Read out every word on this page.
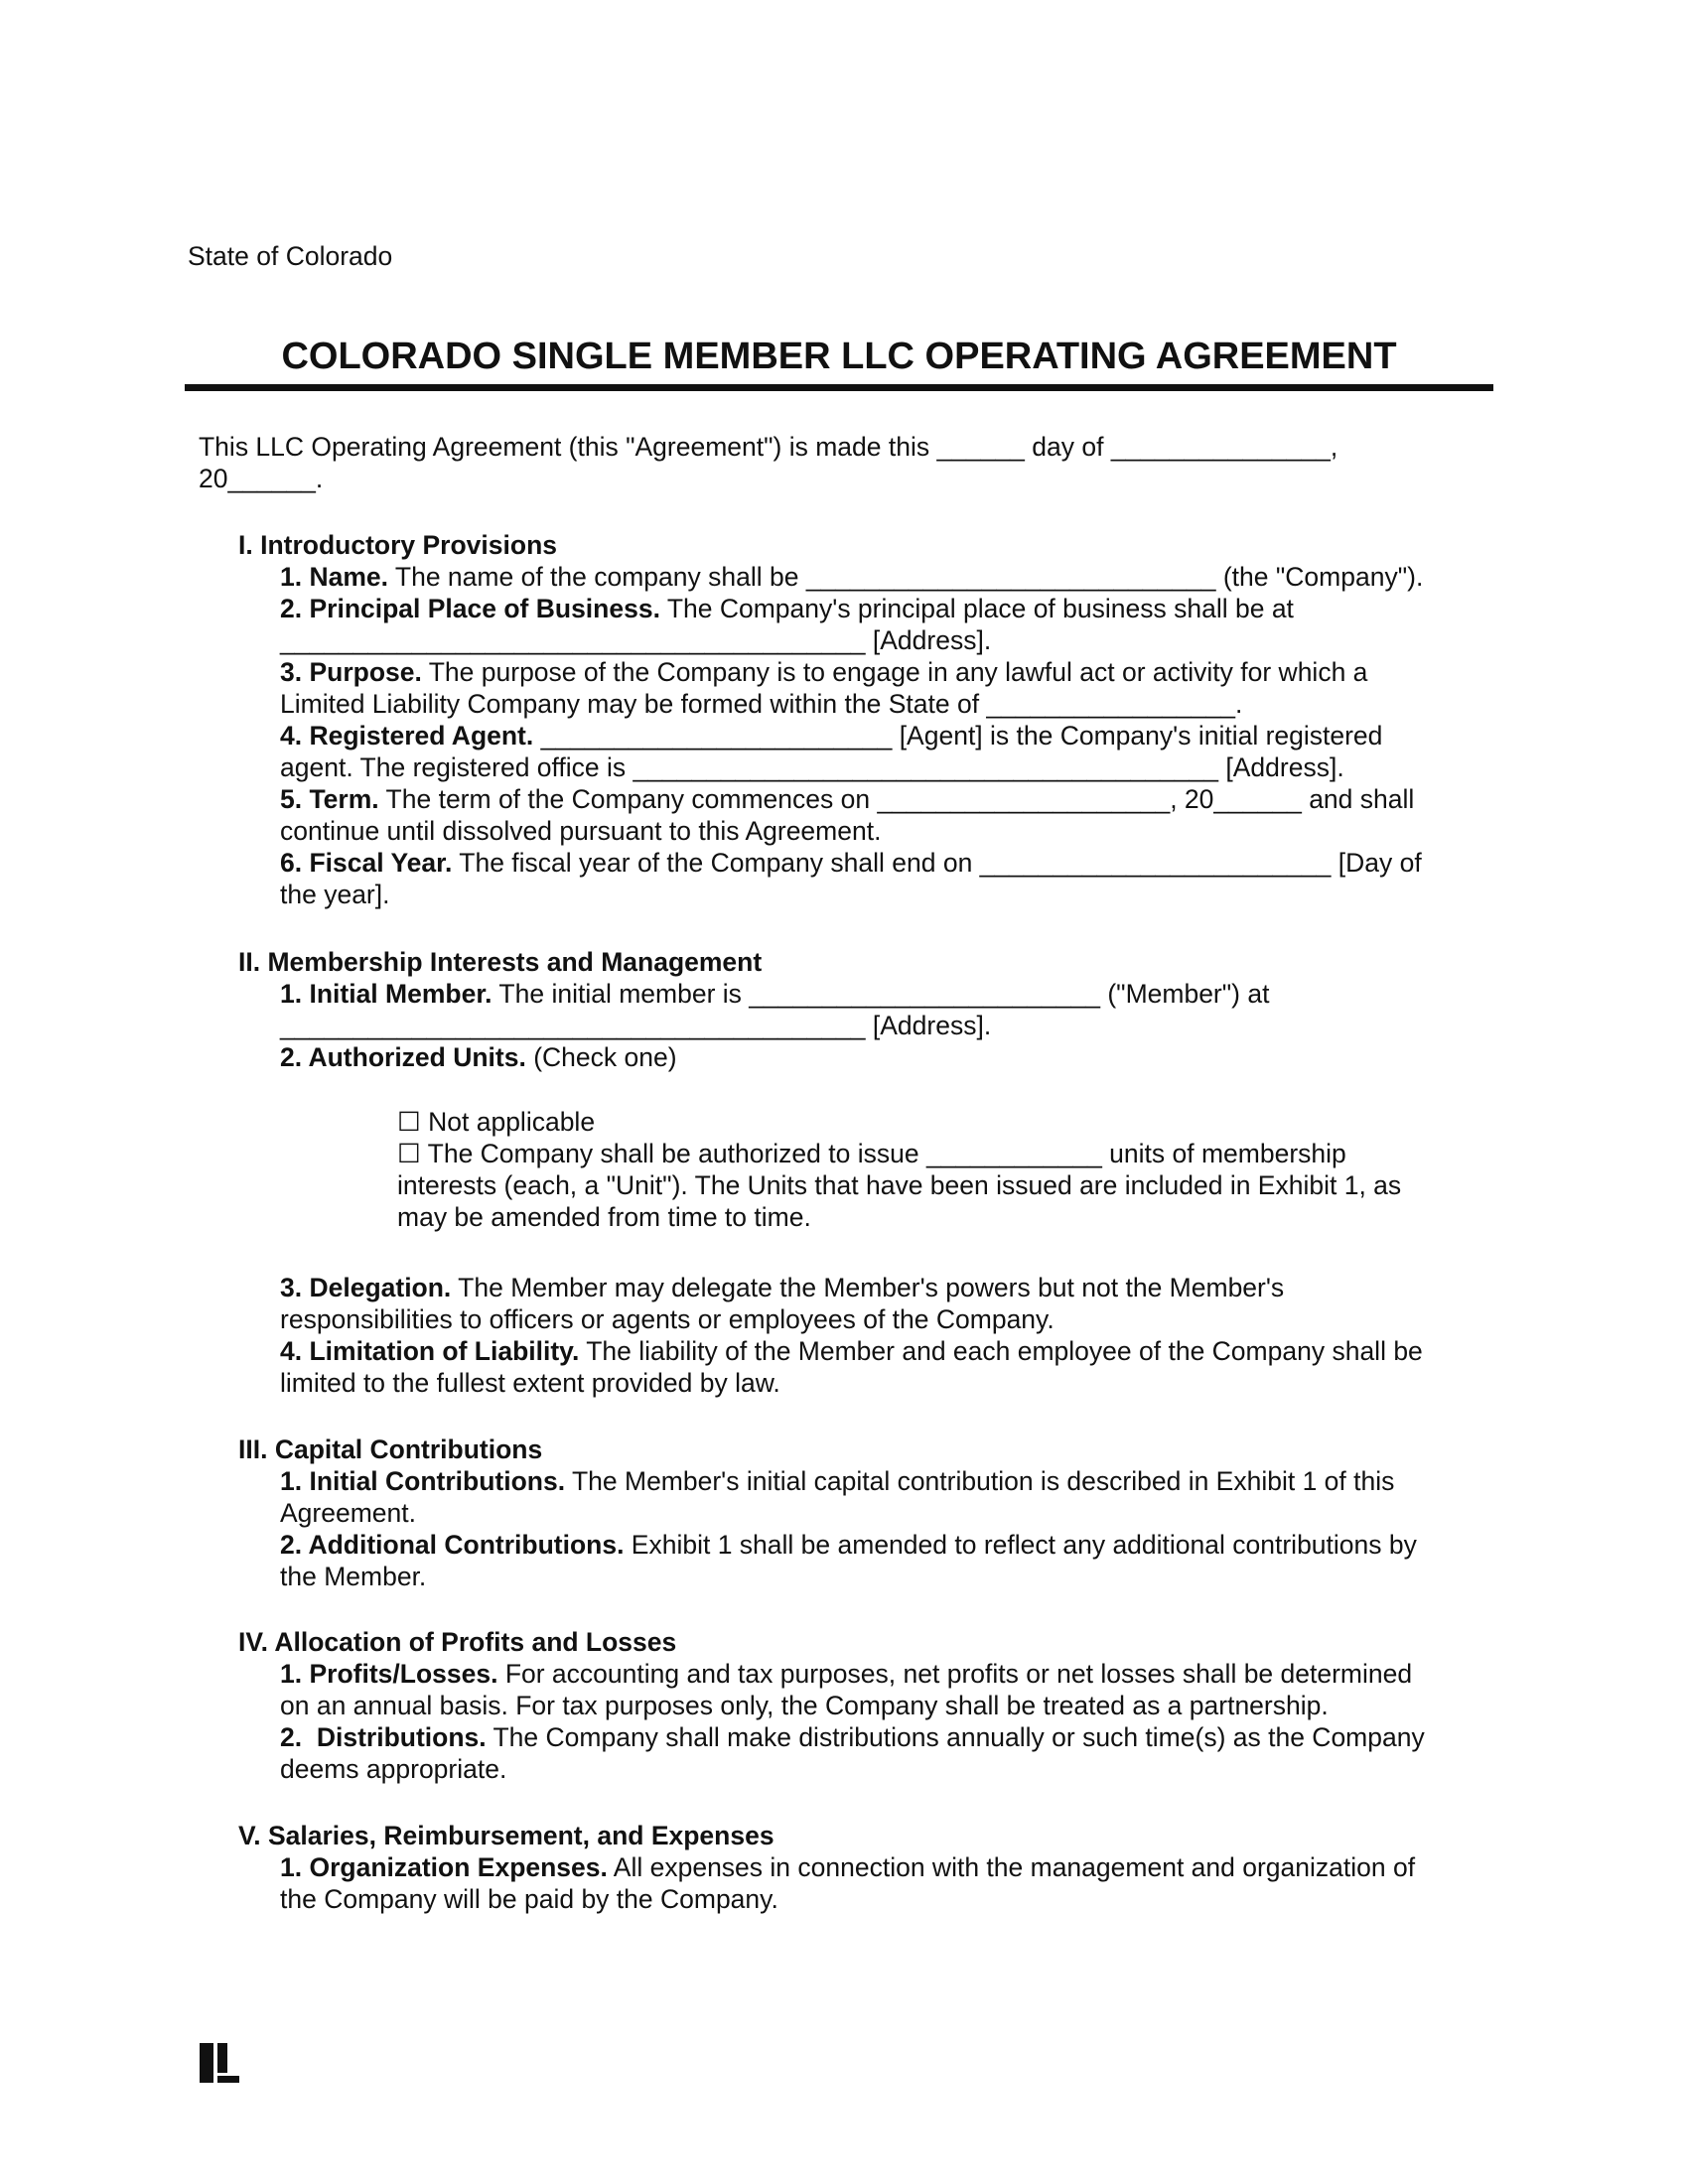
State of Colorado
COLORADO SINGLE MEMBER LLC OPERATING AGREEMENT
This LLC Operating Agreement (this "Agreement") is made this ______ day of _______________,
20______.
I. Introductory Provisions
1. Name. The name of the company shall be ____________________________ (the "Company").
2. Principal Place of Business. The Company's principal place of business shall be at
________________________________________ [Address].
3. Purpose. The purpose of the Company is to engage in any lawful act or activity for which a
Limited Liability Company may be formed within the State of _________________.
4. Registered Agent. ________________________ [Agent] is the Company's initial registered
agent. The registered office is ________________________________________ [Address].
5. Term. The term of the Company commences on ____________________, 20______ and shall
continue until dissolved pursuant to this Agreement.
6. Fiscal Year. The fiscal year of the Company shall end on ________________________ [Day of
the year].
II. Membership Interests and Management
1. Initial Member. The initial member is ________________________ ("Member") at
________________________________________ [Address].
2. Authorized Units. (Check one)
☐ Not applicable
☐ The Company shall be authorized to issue ____________ units of membership
interests (each, a "Unit"). The Units that have been issued are included in Exhibit 1, as
may be amended from time to time.
3. Delegation. The Member may delegate the Member's powers but not the Member's
responsibilities to officers or agents or employees of the Company.
4. Limitation of Liability. The liability of the Member and each employee of the Company shall be
limited to the fullest extent provided by law.
III. Capital Contributions
1. Initial Contributions. The Member's initial capital contribution is described in Exhibit 1 of this
Agreement.
2. Additional Contributions. Exhibit 1 shall be amended to reflect any additional contributions by
the Member.
IV. Allocation of Profits and Losses
1. Profits/Losses. For accounting and tax purposes, net profits or net losses shall be determined
on an annual basis. For tax purposes only, the Company shall be treated as a partnership.
2.  Distributions. The Company shall make distributions annually or such time(s) as the Company
deems appropriate.
V. Salaries, Reimbursement, and Expenses
1. Organization Expenses. All expenses in connection with the management and organization of
the Company will be paid by the Company.
